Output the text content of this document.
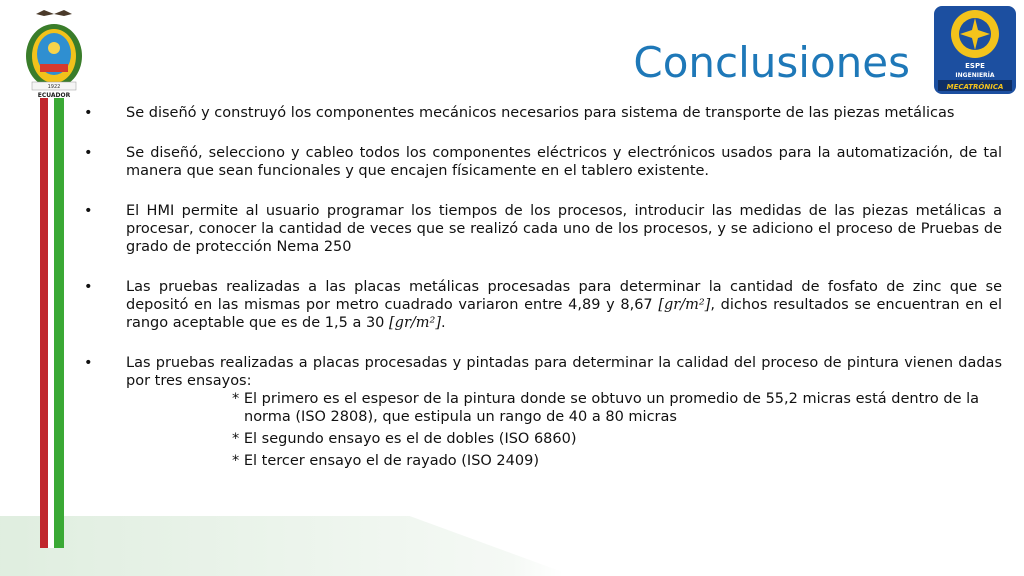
1922
ECUADOR
ESPE
INGENIERÍA
MECATRÓNICA
Conclusiones
• Se diseñó y construyó los componentes mecánicos necesarios para sistema de transporte de las piezas metálicas
• Se diseñó, selecciono y cableo todos los componentes eléctricos y electrónicos usados para la automatización, de tal manera que sean funcionales y que encajen físicamente en el tablero existente.
• El HMI permite al usuario programar los tiempos de los procesos, introducir las medidas de las piezas metálicas a procesar, conocer la cantidad de veces que se realizó cada uno de los procesos, y se adiciono el proceso de Pruebas de grado de protección Nema 250
• Las pruebas realizadas a las placas metálicas procesadas para determinar la cantidad de fosfato de zinc que se depositó en las mismas por metro cuadrado variaron entre 4,89 y 8,67 [gr/m²], dichos resultados se encuentran en el rango aceptable que es de 1,5 a 30 [gr/m²].
• Las pruebas realizadas a placas procesadas y pintadas para determinar la calidad del proceso de pintura vienen dadas por tres ensayos:
* El primero es el espesor de la pintura donde se obtuvo un promedio de 55,2 micras está dentro de la
norma (ISO 2808), que estipula un rango de 40 a 80 micras
* El segundo ensayo es el de dobles (ISO 6860)
* El tercer ensayo el de rayado (ISO 2409)
